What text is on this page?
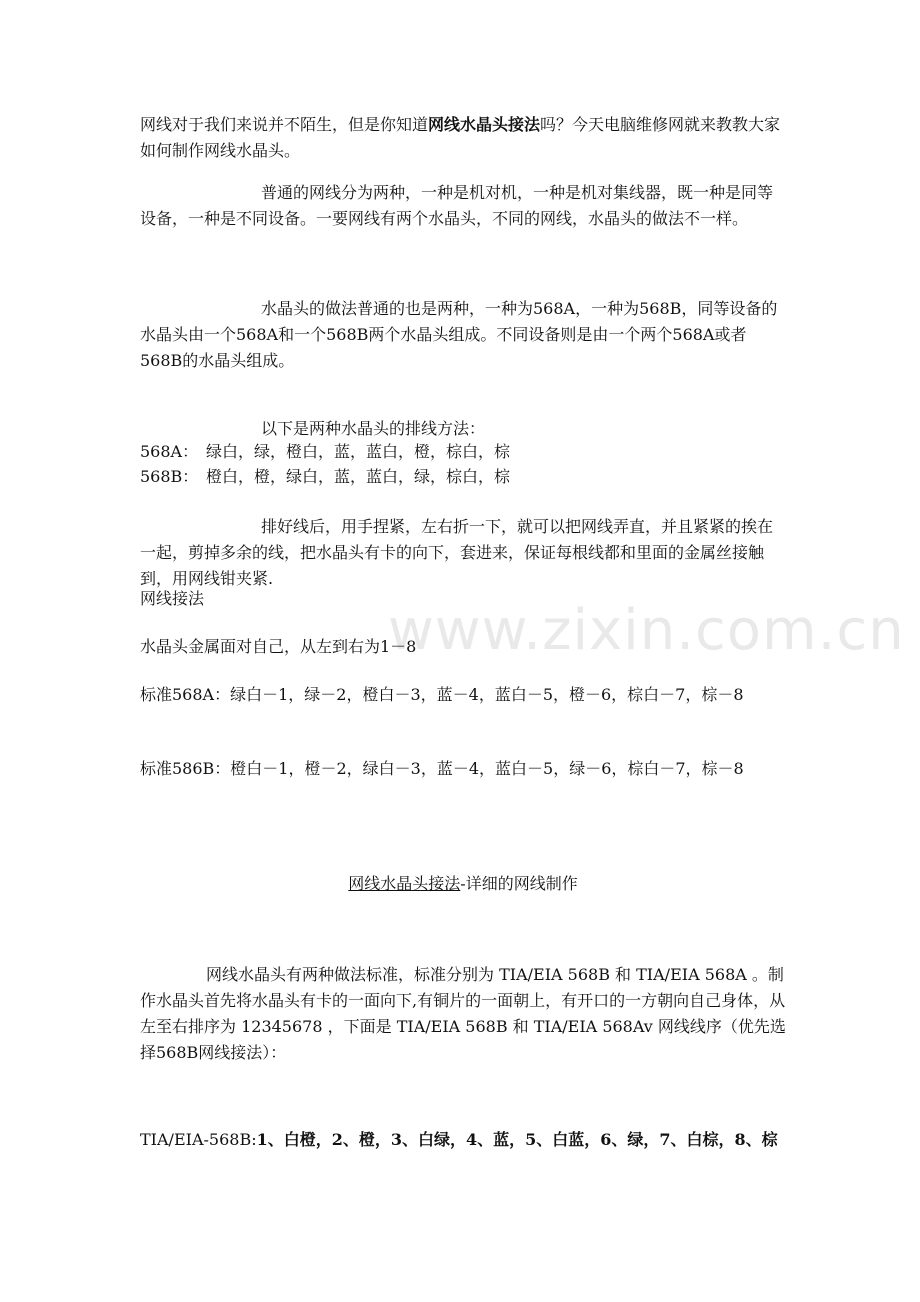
www.zixin.com.cn

网线对于我们来说并不陌生，但是你知道网线水晶头接法吗？今天电脑维修网就来教教大家如何制作网线水晶头。

普通的网线分为两种，一种是机对机，一种是机对集线器，既一种是同等设备，一种是不同设备。一要网线有两个水晶头，不同的网线，水晶头的做法不一样。

水晶头的做法普通的也是两种，一种为568A，一种为568B，同等设备的水晶头由一个568A和一个568B两个水晶头组成。不同设备则是由一个两个568A或者568B的水晶头组成。

以下是两种水晶头的排线方法：
568A： 绿白，绿，橙白，蓝，蓝白，橙，棕白，棕
568B： 橙白，橙，绿白，蓝，蓝白，绿，棕白，棕

排好线后，用手捏紧，左右折一下，就可以把网线弄直，并且紧紧的挨在一起，剪掉多余的线，把水晶头有卡的向下，套进来，保证每根线都和里面的金属丝接触到，用网线钳夹紧.

网线接法
水晶头金属面对自己，从左到右为1－8

标准568A：绿白－1，绿－2，橙白－3，蓝－4，蓝白－5，橙－6，棕白－7，棕－8

标准586B：橙白－1，橙－2，绿白－3，蓝－4，蓝白－5，绿－6，棕白－7，棕－8

网线水晶头接法-详细的网线制作

网线水晶头有两种做法标准，标准分别为 TIA/EIA 568B 和 TIA/EIA 568A 。制作水晶头首先将水晶头有卡的一面向下,有铜片的一面朝上，有开口的一方朝向自己身体，从左至右排序为 12345678 ，下面是 TIA/EIA 568B 和 TIA/EIA 568Av 网线线序（优先选择568B网线接法）：

TIA/EIA-568B:1、白橙，2、橙，3、白绿，4、蓝，5、白蓝，6、绿，7、白棕，8、棕
